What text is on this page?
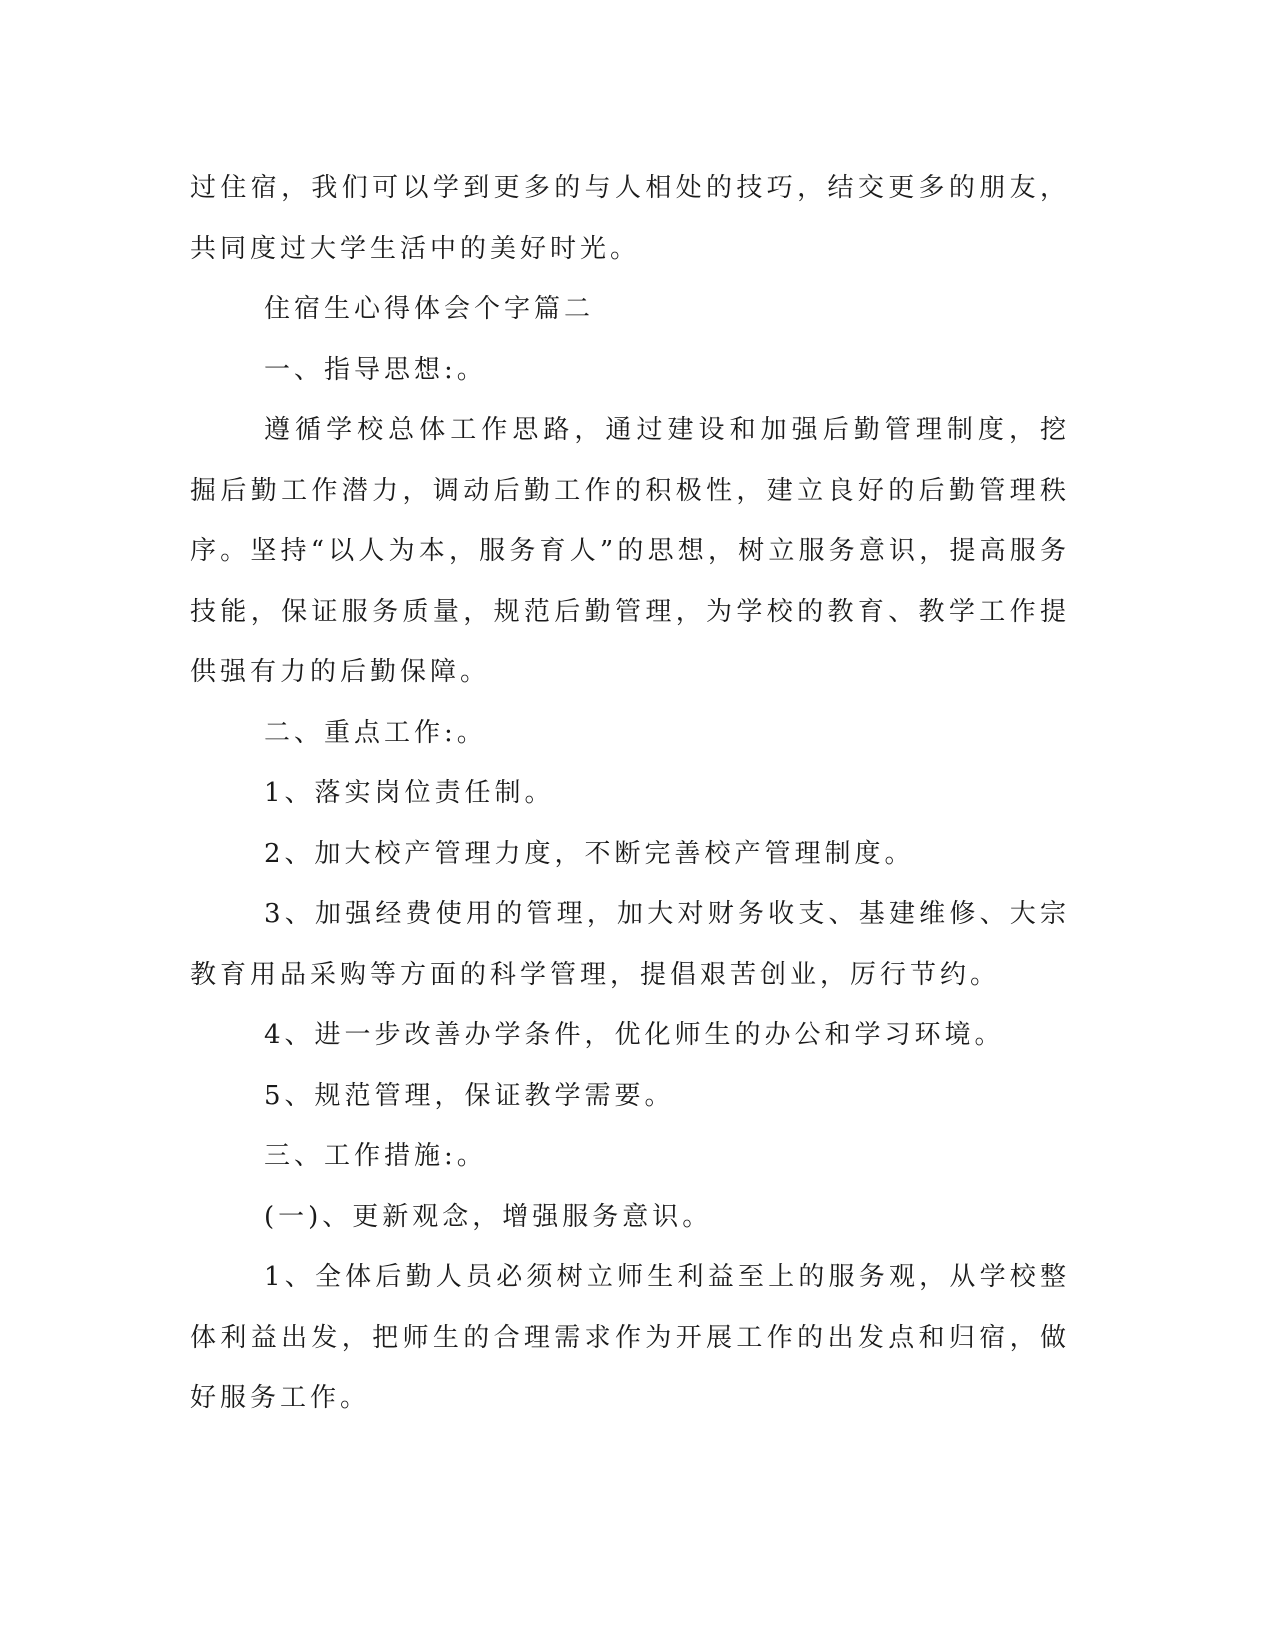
过住宿，我们可以学到更多的与人相处的技巧，结交更多的朋友，共同度过大学生活中的美好时光。

住宿生心得体会个字篇二

一、指导思想:。

遵循学校总体工作思路，通过建设和加强后勤管理制度，挖掘后勤工作潜力，调动后勤工作的积极性，建立良好的后勤管理秩序。坚持“以人为本，服务育人”的思想，树立服务意识，提高服务技能，保证服务质量，规范后勤管理，为学校的教育、教学工作提供强有力的后勤保障。

二、重点工作:。

1、落实岗位责任制。

2、加大校产管理力度，不断完善校产管理制度。

3、加强经费使用的管理，加大对财务收支、基建维修、大宗教育用品采购等方面的科学管理，提倡艰苦创业，厉行节约。

4、进一步改善办学条件，优化师生的办公和学习环境。

5、规范管理，保证教学需要。

三、工作措施:。

(一)、更新观念，增强服务意识。

1、全体后勤人员必须树立师生利益至上的服务观，从学校整体利益出发，把师生的合理需求作为开展工作的出发点和归宿，做好服务工作。
